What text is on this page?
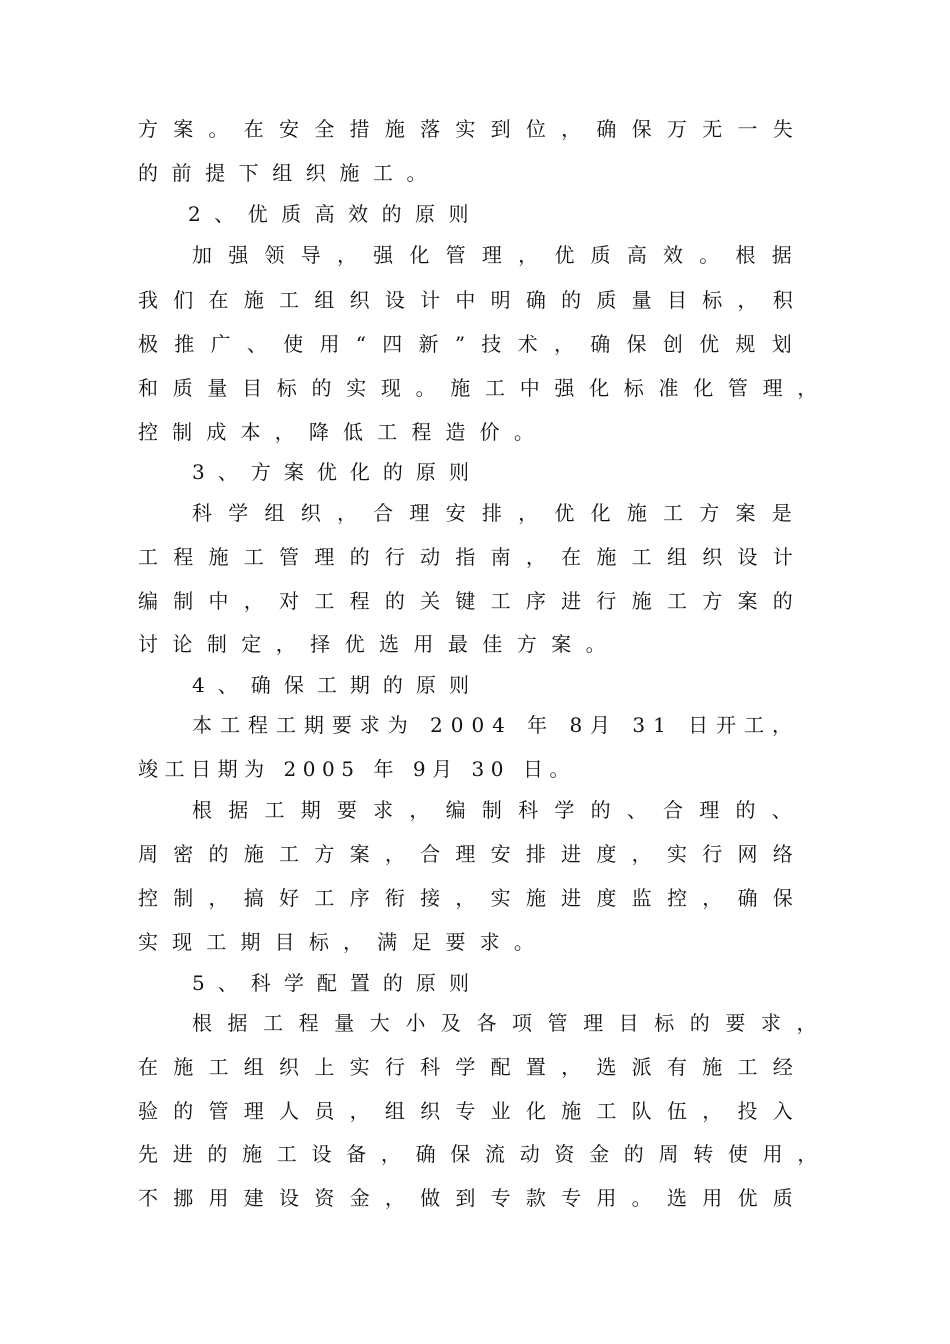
方案。在安全措施落实到位，确保万无一失
的前提下组织施工。
2、优质高效的原则
加强领导，强化管理，优质高效。根据
我们在施工组织设计中明确的质量目标，积
极推广、使用“四新”技术，确保创优规划
和质量目标的实现。施工中强化标准化管理，
控制成本，降低工程造价。
3、方案优化的原则
科学组织，合理安排，优化施工方案是
工程施工管理的行动指南，在施工组织设计
编制中，对工程的关键工序进行施工方案的
讨论制定，择优选用最佳方案。
4、确保工期的原则
本工程工期要求为 2004 年 8月 31 日开工，
竣工日期为 2005 年 9月 30 日。
根据工期要求，编制科学的、合理的、
周密的施工方案，合理安排进度，实行网络
控制，搞好工序衔接，实施进度监控，确保
实现工期目标，满足要求。
5、科学配置的原则
根据工程量大小及各项管理目标的要求，
在施工组织上实行科学配置，选派有施工经
验的管理人员，组织专业化施工队伍，投入
先进的施工设备，确保流动资金的周转使用，
不挪用建设资金，做到专款专用。选用优质
